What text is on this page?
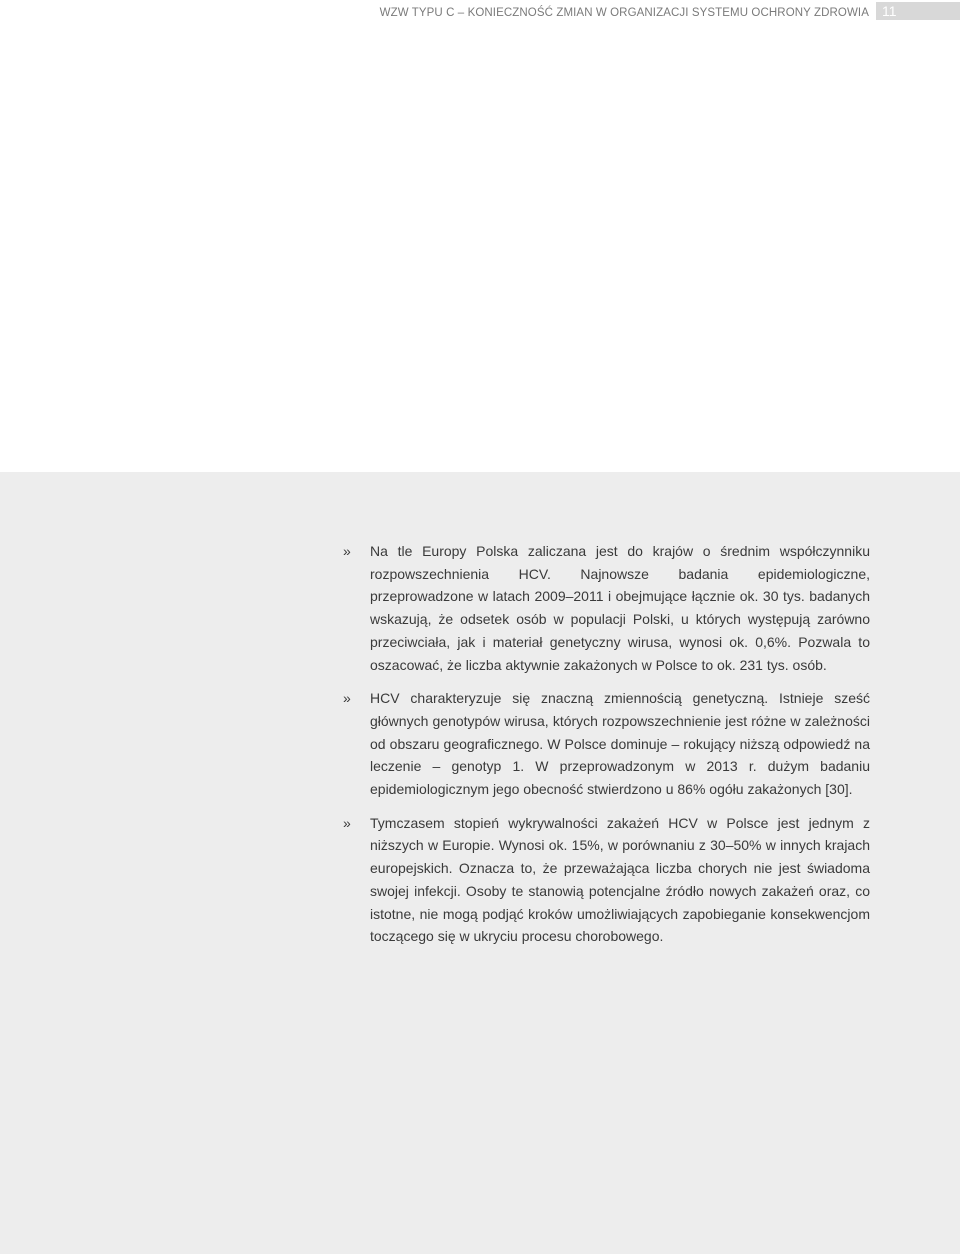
WZW TYPU C – KONIECZNOŚĆ ZMIAN W ORGANIZACJI SYSTEMU OCHRONY ZDROWIA 11
» Na tle Europy Polska zaliczana jest do krajów o średnim współczynniku rozpowszechnienia HCV. Najnowsze badania epidemiologiczne, przeprowadzone w latach 2009–2011 i obejmujące łącznie ok. 30 tys. badanych wskazują, że odsetek osób w populacji Polski, u których występują zarówno przeciwciała, jak i materiał genetyczny wirusa, wynosi ok. 0,6%. Pozwala to oszacować, że liczba aktywnie zakażonych w Polsce to ok. 231 tys. osób.
» HCV charakteryzuje się znaczną zmiennością genetyczną. Istnieje sześć głównych genotypów wirusa, których rozpowszechnienie jest różne w zależności od obszaru geograficznego. W Polsce dominuje – rokujący niższą odpowiedź na leczenie – genotyp 1. W przeprowadzonym w 2013 r. dużym badaniu epidemiologicznym jego obecność stwierdzono u 86% ogółu zakażonych [30].
» Tymczasem stopień wykrywalności zakażeń HCV w Polsce jest jednym z niższych w Europie. Wynosi ok. 15%, w porównaniu z 30–50% w innych krajach europejskich. Oznacza to, że przeważająca liczba chorych nie jest świadoma swojej infekcji. Osoby te stanowią potencjalne źródło nowych zakażeń oraz, co istotne, nie mogą podjąć kroków umożliwiających zapobieganie konsekwencjom toczącego się w ukryciu procesu chorobowego.
